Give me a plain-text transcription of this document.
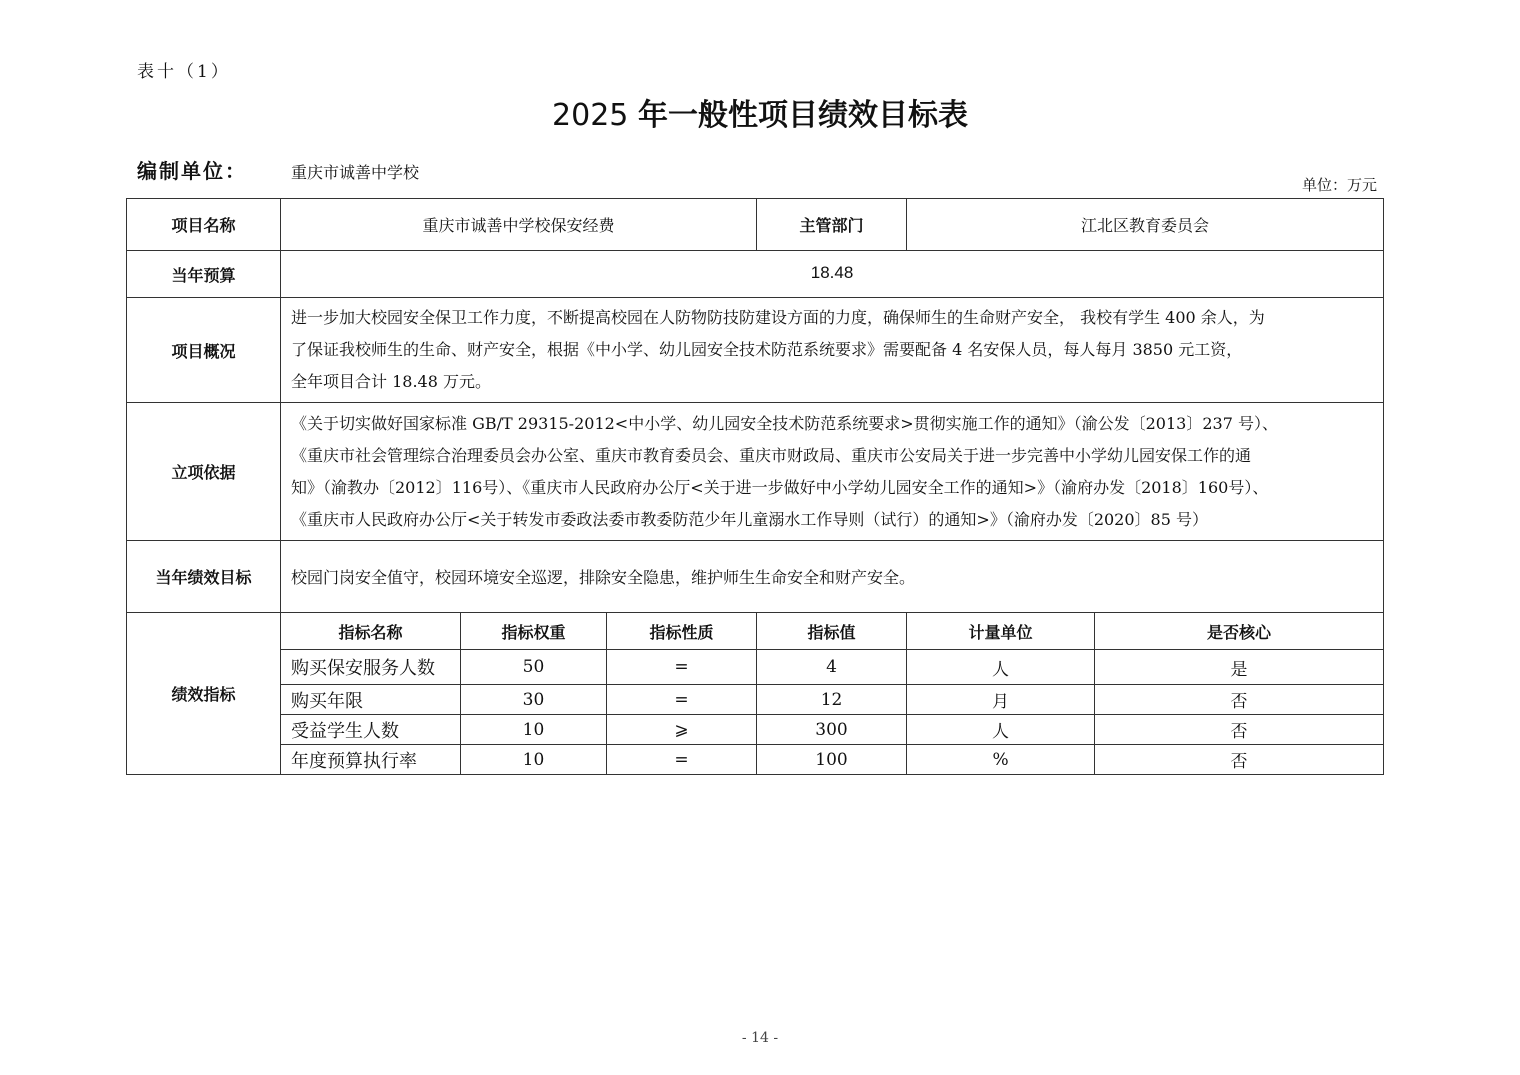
表十（1）
2025 年一般性项目绩效目标表
编制单位：	重庆市诚善中学校
单位：万元
项目名称	重庆市诚善中学校保安经费			主管部门	江北区教育委员会	
当年预算	18.48					
项目概况	进一步加大校园安全保卫工作力度，不断提高校园在人防物防技防建设方面的力度，确保师生的生命财产安全， 我校有学生 400 余人，为
了保证我校师生的生命、财产安全，根据《中小学、幼儿园安全技术防范系统要求》需要配备 4 名安保人员，每人每月 3850 元工资，
全年项目合计 18.48 万元。					

立项依据	《关于切实做好国家标准 GB/T 29315-2012<中小学、幼儿园安全技术防范系统要求>贯彻实施工作的通知》（渝公发〔2013〕237 号）、
《重庆市社会管理综合治理委员会办公室、重庆市教育委员会、重庆市财政局、重庆市公安局关于进一步完善中小学幼儿园安保工作的通
知》（渝教办〔2012〕116号）、《重庆市人民政府办公厅<关于进一步做好中小学幼儿园安全工作的通知>》（渝府办发〔2018〕160号）、
《重庆市人民政府办公厅<关于转发市委政法委市教委防范少年儿童溺水工作导则（试行）的通知>》（渝府办发〔2020〕85 号）					

当年绩效目标	校园门岗安全值守，校园环境安全巡逻，排除安全隐患，维护师生生命安全和财产安全。					
绩效指标	指标名称	指标权重	指标性质	指标值	计量单位	是否核心
	购买保安服务人数	50	=	4	人	是
	购买年限	30	=	12	月	否
	受益学生人数	10	⩾	300	人	否
	年度预算执行率	10	=	100	%	否
- 14 -
